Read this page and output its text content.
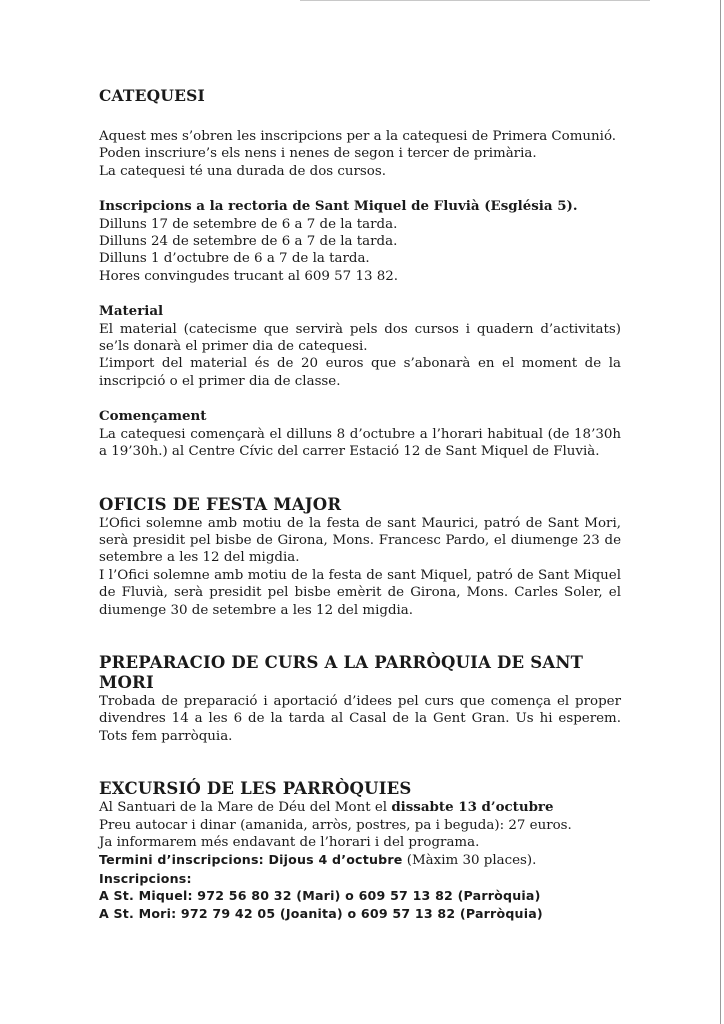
CATEQUESI

Aquest mes s’obren les inscripcions per a la catequesi de Primera Comunió.

Poden inscriure’s els nens i nenes de segon i tercer de primària.

La catequesi té una durada de dos cursos.

Inscripcions a la rectoria de Sant Miquel de Fluvià (Església 5).

Dilluns 17 de setembre de 6 a 7 de la tarda.

Dilluns 24 de setembre de 6 a 7 de la tarda.

Dilluns 1 d’octubre de 6 a 7 de la tarda.

Hores convingudes trucant al 609 57 13 82.

Material

El material (catecisme que servirà pels dos cursos i quadern d’activitats) se’ls donarà el primer dia de catequesi.

L’import del material és de 20 euros que s’abonarà en el moment de la inscripció o el primer dia de classe.

Començament

La catequesi començarà el dilluns 8 d’octubre a l’horari habitual (de 18’30h a 19’30h.) al Centre Cívic del carrer Estació 12 de Sant Miquel de Fluvià.

OFICIS DE FESTA MAJOR

L’Ofici solemne amb motiu de la festa de sant Maurici, patró de Sant Mori, serà presidit pel bisbe de Girona, Mons. Francesc Pardo, el diumenge 23 de setembre a les 12 del migdia.

I l’Ofici solemne amb motiu de la festa de sant Miquel, patró de Sant Miquel de Fluvià, serà presidit pel bisbe emèrit de Girona, Mons. Carles Soler, el diumenge 30 de setembre a les 12 del migdia.

PREPARACIO DE CURS A LA PARRÒQUIA DE SANT MORI

Trobada de preparació i aportació d’idees pel curs que comença el proper divendres 14 a les 6 de la tarda al Casal de la Gent Gran. Us hi esperem. Tots fem parròquia.

EXCURSIÓ DE LES PARRÒQUIES

Al Santuari de la Mare de Déu del Mont el dissabte 13 d’octubre

Preu autocar i dinar (amanida, arròs, postres, pa i beguda): 27 euros.

Ja informarem més endavant de l’horari i del programa.

Termini d’inscripcions: Dijous 4 d’octubre (Màxim 30 places).

Inscripcions:

A St. Miquel: 972 56 80 32 (Mari) o 609 57 13 82 (Parròquia)

A St. Mori: 972 79 42 05 (Joanita) o 609 57 13 82 (Parròquia)
